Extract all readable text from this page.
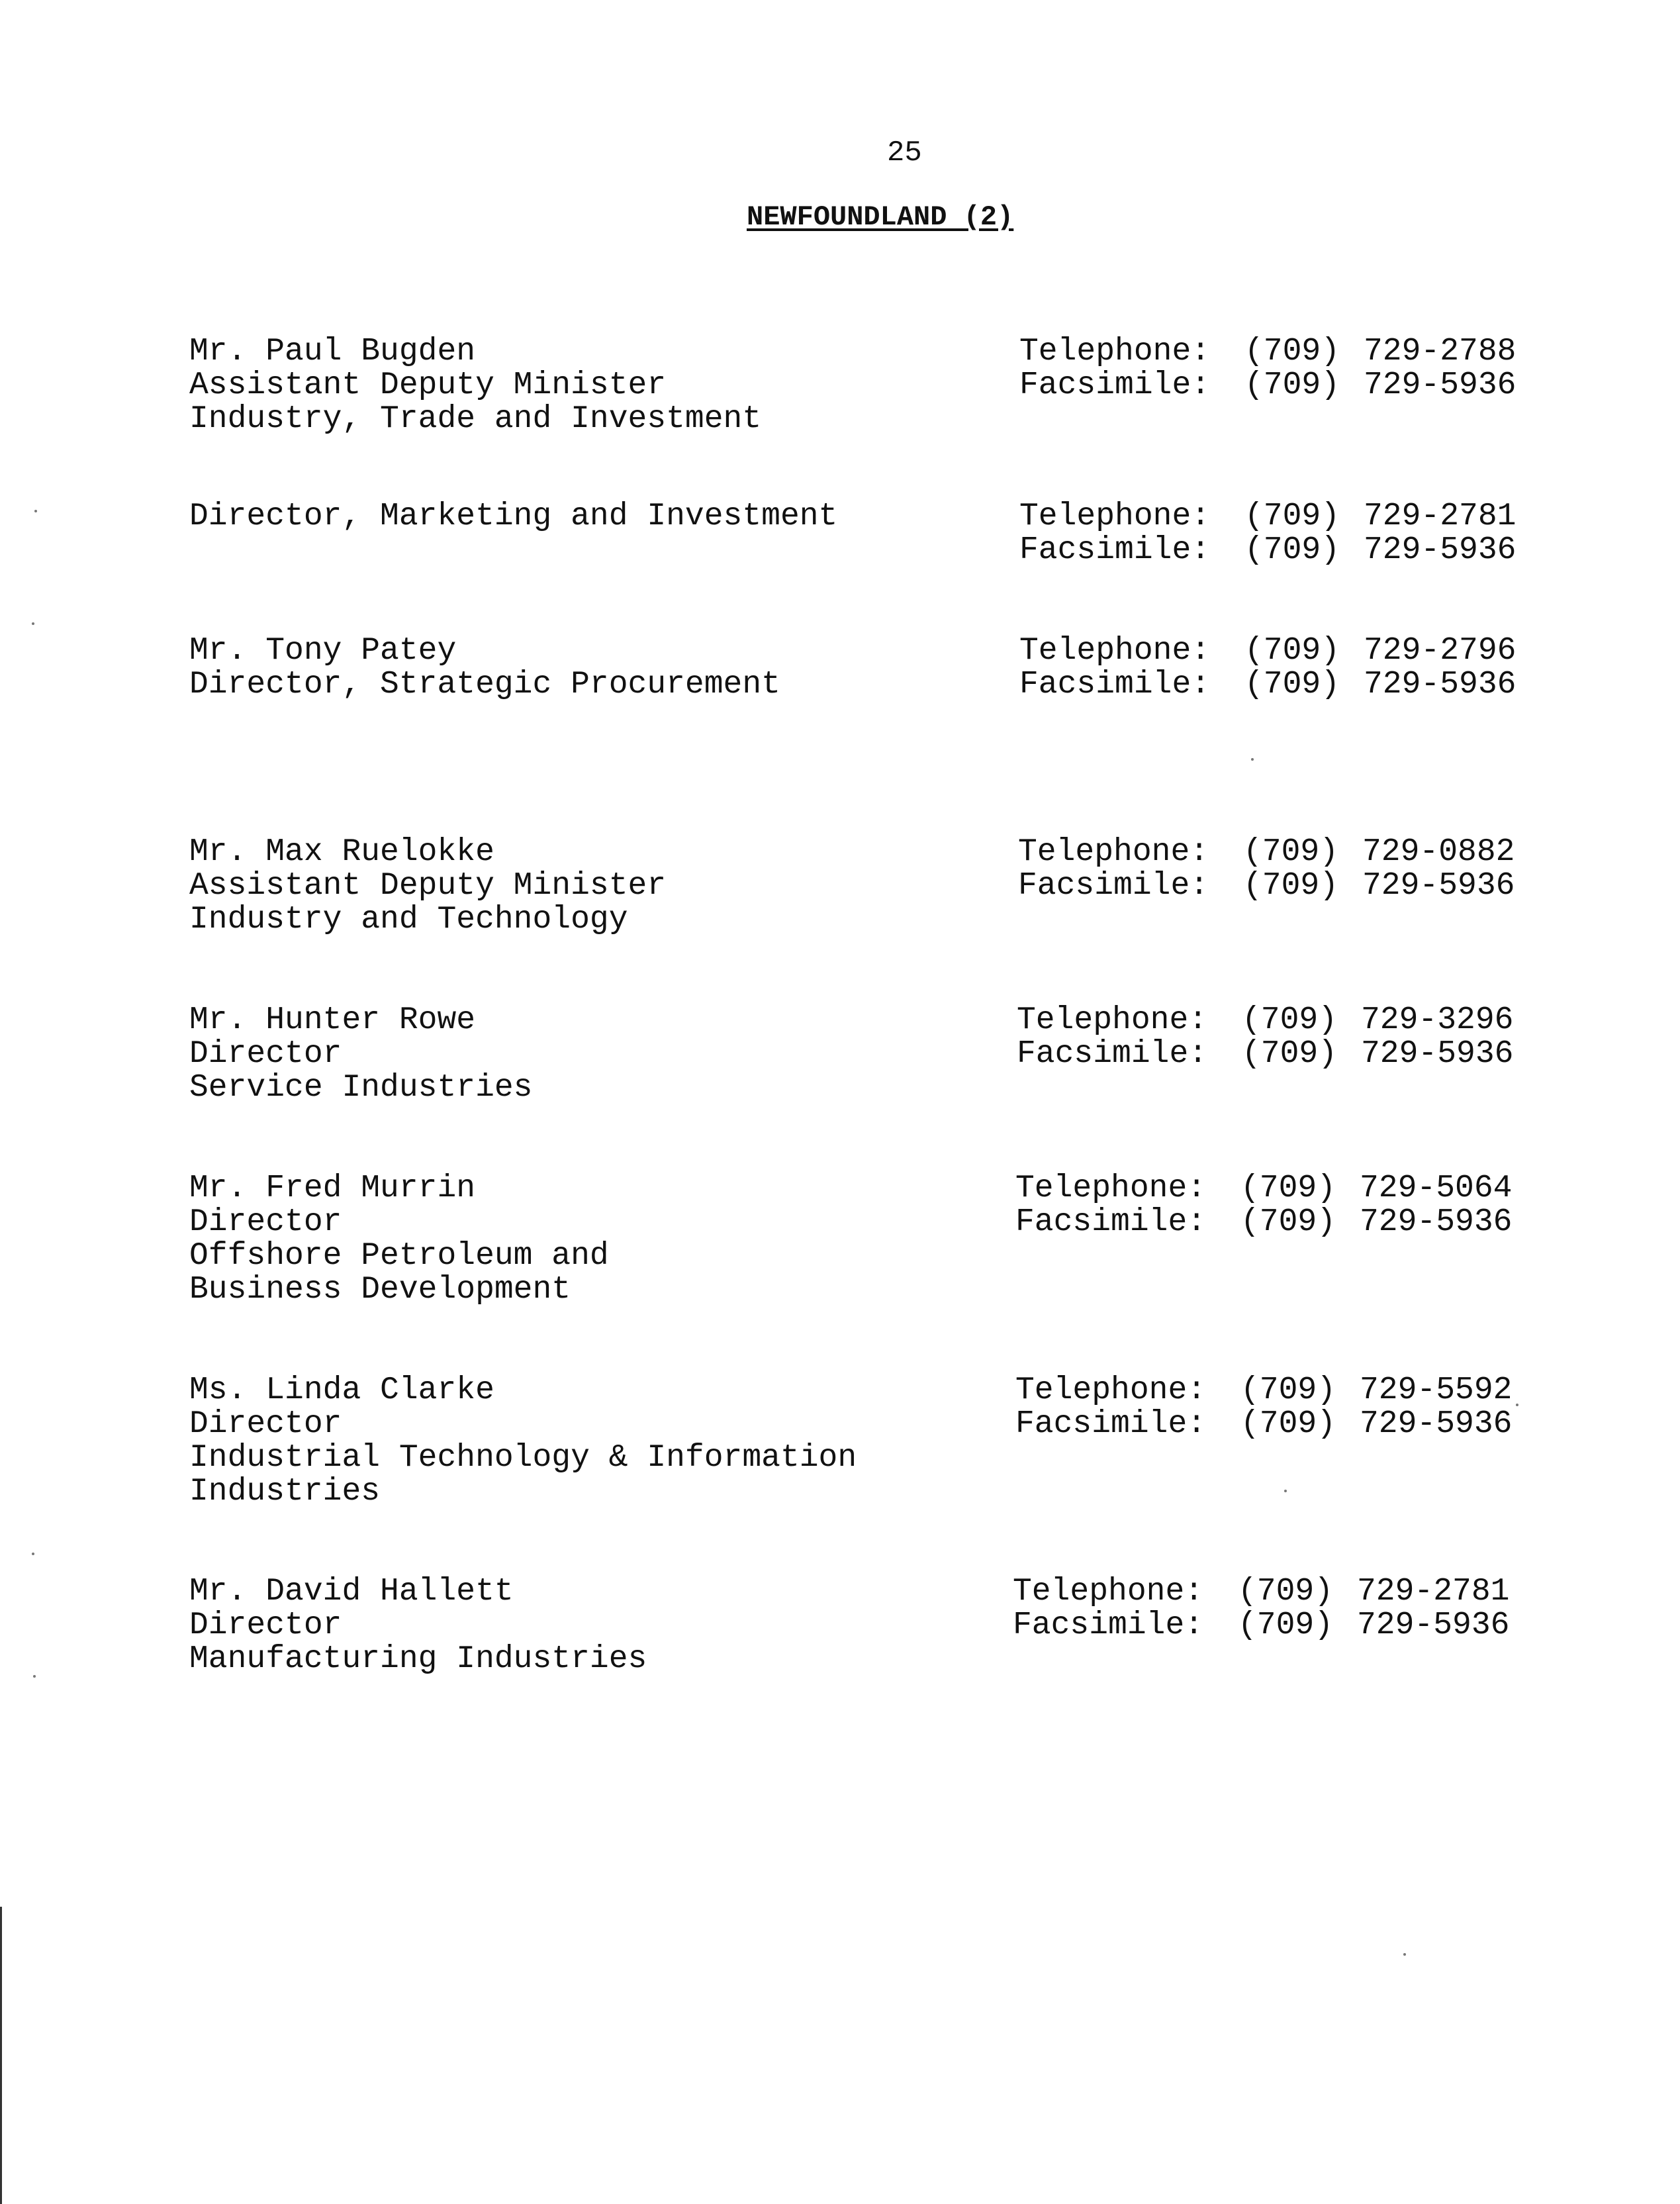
25
NEWFOUNDLAND (2)
Mr. Paul Bugden
Assistant Deputy Minister
Industry, Trade and Investment
Telephone:	(709) 729-2788
Facsimile:	(709) 729-5936
Director, Marketing and Investment	Telephone:	(709) 729-2781
Facsimile:	(709) 729-5936
Mr. Tony Patey
Director, Strategic Procurement
Telephone:	(709) 729-2796
Facsimile:	(709) 729-5936
Mr. Max Ruelokke
Assistant Deputy Minister
Industry and Technology
Telephone:	(709) 729-0882
Facsimile:	(709) 729-5936
Mr. Hunter Rowe
Director
Service Industries
Telephone:	(709) 729-3296
Facsimile:	(709) 729-5936
Mr. Fred Murrin
Director
Offshore Petroleum and
Business Development
Telephone:	(709) 729-5064
Facsimile:	(709) 729-5936
Ms. Linda Clarke
Director
Industrial Technology & Information
Industries
Telephone:	(709) 729-5592
Facsimile:	(709) 729-5936
Mr. David Hallett
Director
Manufacturing Industries
Telephone:	(709) 729-2781
Facsimile:	(709) 729-5936
